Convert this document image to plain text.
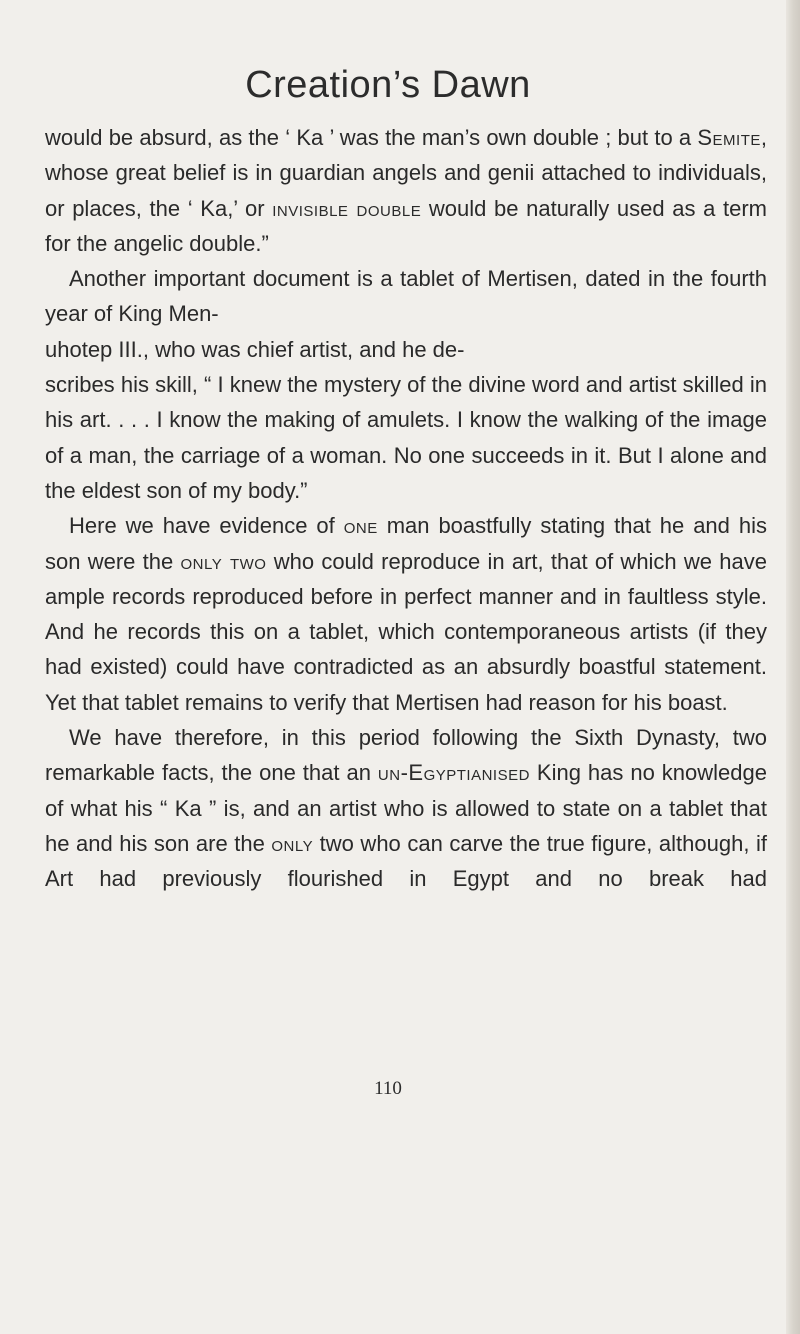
Creation’s Dawn

would be absurd, as the ‘ Ka ’ was the man’s own double ; but to a Semite, whose great belief is in guardian angels and genii attached to individuals, or places, the ‘ Ka,’ or invisible double would be naturally used as a term for the angelic double.”

Another important document is a tablet of Mertisen, dated in the fourth year of King Men-
uhotep III., who was chief artist, and he de-
scribes his skill, “ I knew the mystery of the divine word and artist skilled in his art. . . . I know the making of amulets. I know the walking of the image of a man, the carriage of a woman. No one succeeds in it. But I alone and the eldest son of my body.”

Here we have evidence of one man boastfully stating that he and his son were the only two who could reproduce in art, that of which we have ample records reproduced before in perfect manner and in faultless style. And he records this on a tablet, which contemporaneous artists (if they had existed) could have contradicted as an absurdly boastful statement. Yet that tablet remains to verify that Mertisen had reason for his boast.

We have therefore, in this period following the Sixth Dynasty, two remarkable facts, the one that an un-Egyptianised King has no knowledge of what his “ Ka ” is, and an artist who is allowed to state on a tablet that he and his son are the only two who can carve the true figure, although, if Art had previously flourished in Egypt and no break had

110
